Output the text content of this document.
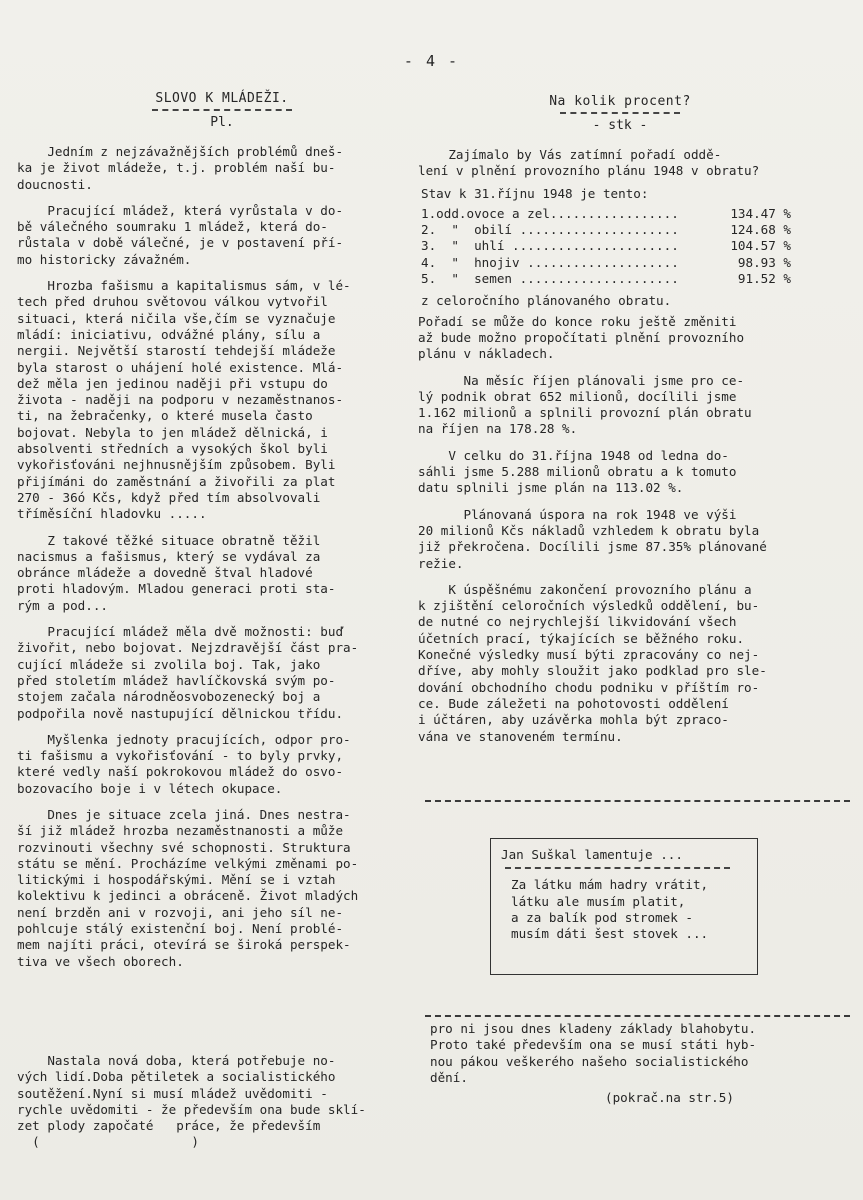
- 4 -
SLOVO K MLÁDEŽI.
Pl.
Na kolik procent?
- stk -

Jedním z nejzávažnějších problémů dneš-
ka je život mládeže, t.j. problém naší bu-
doucnosti.

Pracující mládež, která vyrůstala v do-
bě válečného soumraku 1 mládež, která do-
růstala v době válečné, je v postavení pří-
mo historicky závažném.

Hrozba fašismu a kapitalismus sám, v lé-
tech před druhou světovou válkou vytvořil
situaci, která ničila vše,čím se vyznačuje
mládí: iniciativu, odvážné plány, sílu a
nergii. Největší starostí tehdejší mládeže
byla starost o uhájení holé existence. Mlá-
dež měla jen jedinou naději při vstupu do
života - naději na podporu v nezaměstnanos-
ti, na žebračenky, o které musela často
bojovat. Nebyla to jen mládež dělnická, i
absolventi středních a vysokých škol byli
vykořisťováni nejhnusnějším způsobem. Byli
přijímáni do zaměstnání a živořili za plat
270 - 36ó Kčs, když před tím absolvovali
tříměsíční hladovku .....

Z takové těžké situace obratně těžil
nacismus a fašismus, který se vydával za
obránce mládeže a dovedně štval hladové
proti hladovým. Mladou generaci proti sta-
rým a pod...

Pracující mládež měla dvě možnosti: buď
živořit, nebo bojovat. Nejzdravější část pra-
cující mládeže si zvolila boj. Tak, jako
před stoletím mládež havlíčkovská svým po-
stojem začala národněosvobozenecký boj a
podpořila nově nastupující dělnickou třídu.

Myšlenka jednoty pracujících, odpor pro-
ti fašismu a vykořisťování - to byly prvky,
které vedly naší pokrokovou mládež do osvo-
bozovacího boje i v létech okupace.

Dnes je situace zcela jiná. Dnes nestra-
ší již mládež hrozba nezaměstnanosti a může
rozvinouti všechny své schopnosti. Struktura
státu se mění. Procházíme velkými změnami po-
litickými i hospodářskými. Mění se i vztah
kolektivu k jedinci a obráceně. Život mladých
není brzděn ani v rozvoji, ani jeho síl ne-
pohlcuje stálý existenční boj. Není problé-
mem najíti práci, otevírá se široká perspek-
tiva ve všech oborech.

Nastala nová doba, která potřebuje no-
vých lidí.Doba pětiletek a socialistického
soutěžení.Nyní si musí mládež uvědomiti -
rychle uvědomiti - že především ona bude sklí-
zet plody započaté   práce, že především
(                    )

Zajímalo by Vás zatímní pořadí oddě-
lení v plnění provozního plánu 1948 v obratu?

Stav k 31.říjnu 1948 je tento:

1.odd.ovoce a zel.................	134.47 %
2.  "  obilí .....................	124.68 %
3.  "  uhlí ......................	104.57 %
4.  "  hnojiv ....................	98.93 %
5.  "  semen .....................	91.52 %

z celoročního plánovaného obratu.

Pořadí se může do konce roku ještě změniti
až bude možno propočítati plnění provozního
plánu v nákladech.

Na měsíc říjen plánovali jsme pro ce-
lý podnik obrat 652 milionů, docílili jsme
1.162 milionů a splnili provozní plán obratu
na říjen na 178.28 %.

V celku do 31.října 1948 od ledna do-
sáhli jsme 5.288 milionů obratu a k tomuto
datu splnili jsme plán na 113.02 %.

Plánovaná úspora na rok 1948 ve výši
20 milionů Kčs nákladů vzhledem k obratu byla
již překročena. Docílili jsme 87.35% plánované
režie.

K úspěšnému zakončení provozního plánu a
k zjištění celoročních výsledků oddělení, bu-
de nutné co nejrychlejší likvidování všech
účetních prací, týkajících se běžného roku.
Konečné výsledky musí býti zpracovány co nej-
dříve, aby mohly sloužit jako podklad pro sle-
dování obchodního chodu podniku v příštím ro-
ce. Bude záležeti na pohotovosti oddělení
i účtáren, aby uzávěrka mohla být zpraco-
vána ve stanoveném termínu.

Jan Suškal lamentuje ...
Za látku mám hadry vrátit,
látku ale musím platit,
a za balík pod stromek -
musím dáti šest stovek ...

pro ni jsou dnes kladeny základy blahobytu.
Proto také především ona se musí státi hyb-
nou pákou veškerého našeho socialistického
dění.

(pokrač.na str.5)
